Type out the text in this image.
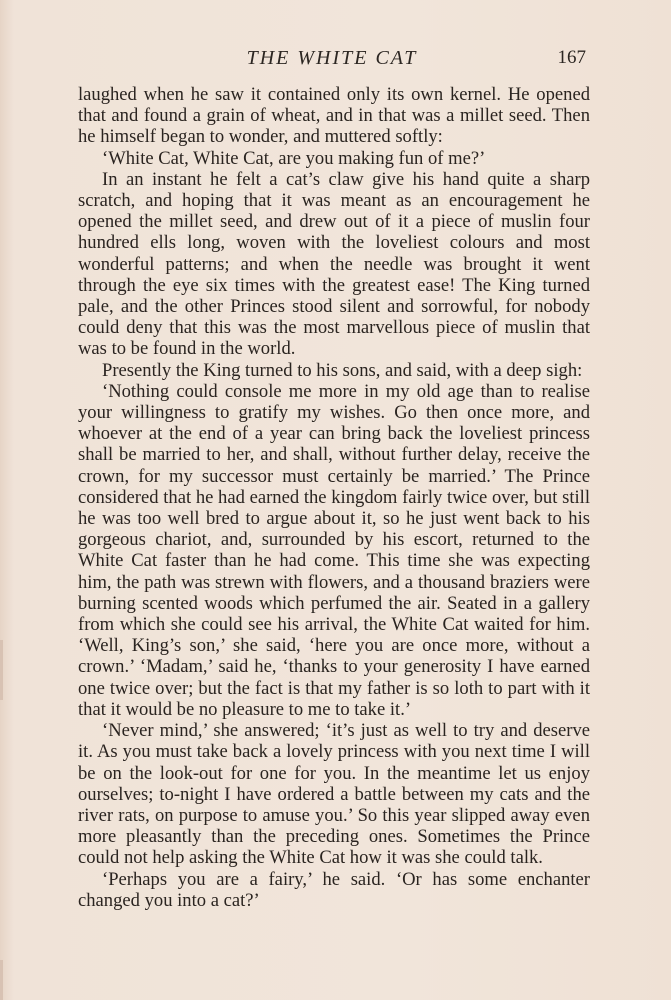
THE WHITE CAT	167

laughed when he saw it contained only its own kernel. He opened that and found a grain of wheat, and in that was a millet seed. Then he himself began to wonder, and muttered softly:

‘White Cat, White Cat, are you making fun of me?’

In an instant he felt a cat’s claw give his hand quite a sharp scratch, and hoping that it was meant as an encouragement he opened the millet seed, and drew out of it a piece of muslin four hundred ells long, woven with the loveliest colours and most wonderful patterns; and when the needle was brought it went through the eye six times with the greatest ease! The King turned pale, and the other Princes stood silent and sorrowful, for nobody could deny that this was the most marvellous piece of muslin that was to be found in the world.

Presently the King turned to his sons, and said, with a deep sigh:

‘Nothing could console me more in my old age than to realise your willingness to gratify my wishes. Go then once more, and whoever at the end of a year can bring back the loveliest princess shall be married to her, and shall, without further delay, receive the crown, for my successor must certainly be married.’ The Prince considered that he had earned the kingdom fairly twice over, but still he was too well bred to argue about it, so he just went back to his gorgeous chariot, and, surrounded by his escort, returned to the White Cat faster than he had come. This time she was expecting him, the path was strewn with flowers, and a thousand braziers were burning scented woods which perfumed the air. Seated in a gallery from which she could see his arrival, the White Cat waited for him. ‘Well, King’s son,’ she said, ‘here you are once more, without a crown.’ ‘Madam,’ said he, ‘thanks to your generosity I have earned one twice over; but the fact is that my father is so loth to part with it that it would be no pleasure to me to take it.’

‘Never mind,’ she answered; ‘it’s just as well to try and deserve it. As you must take back a lovely princess with you next time I will be on the look-out for one for you. In the meantime let us enjoy ourselves; to-night I have ordered a battle between my cats and the river rats, on purpose to amuse you.’ So this year slipped away even more pleasantly than the preceding ones. Sometimes the Prince could not help asking the White Cat how it was she could talk.

‘Perhaps you are a fairy,’ he said. ‘Or has some enchanter changed you into a cat?’
